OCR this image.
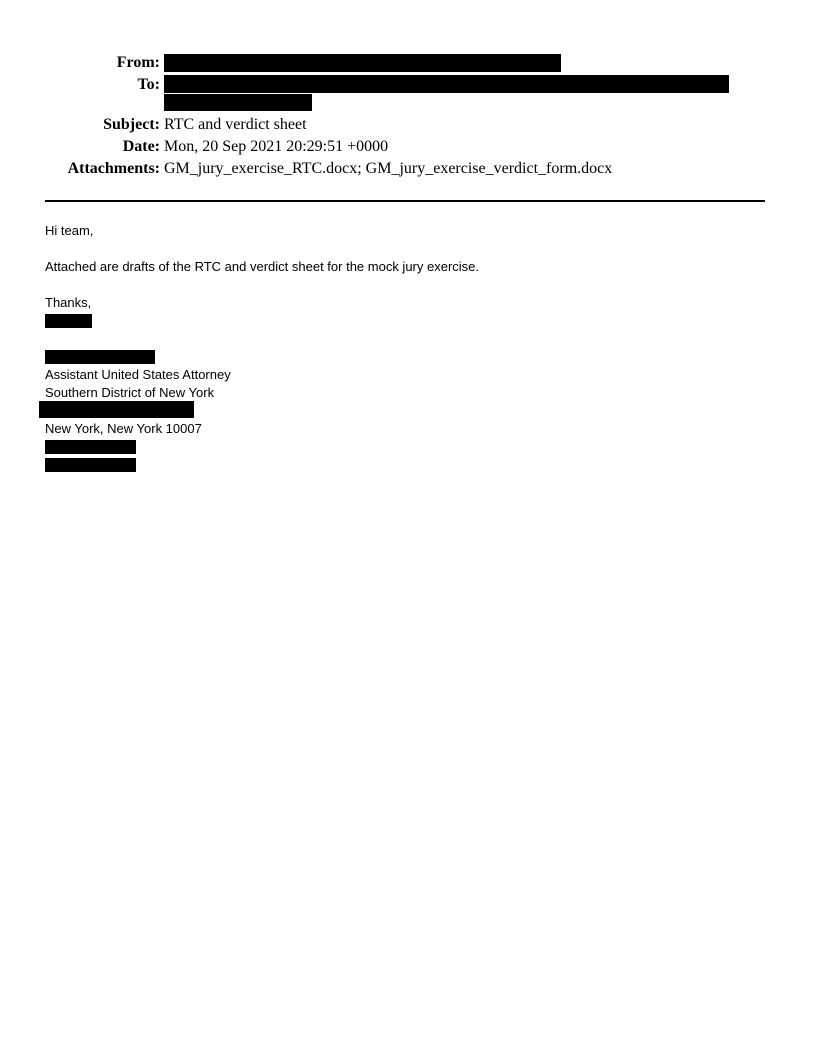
From:
To:
Subject: RTC and verdict sheet
Date: Mon, 20 Sep 2021 20:29:51 +0000
Attachments: GM_jury_exercise_RTC.docx; GM_jury_exercise_verdict_form.docx
Hi team,
Attached are drafts of the RTC and verdict sheet for the mock jury exercise.
Thanks,
Assistant United States Attorney
Southern District of New York
New York, New York 10007
